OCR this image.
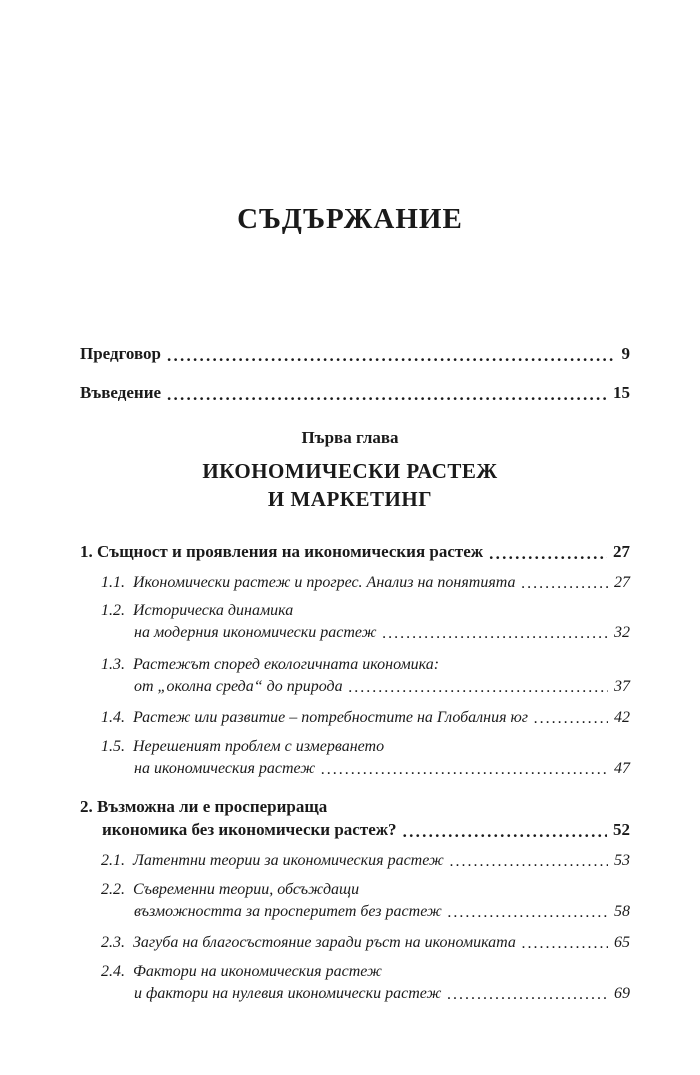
СЪДЪРЖАНИЕ
Предговор . . .	9
Въведение . . .	15
Първа глава
ИКОНОМИЧЕСКИ РАСТЕЖ
И МАРКЕТИНГ
1. Същност и проявления на икономическия растеж . . .	27
1.1. Икономически растеж и прогрес. Анализ на понятията . . .	27
1.2. Историческа динамика
на модерния икономически растеж . . .	32
1.3. Растежът според екологичната икономика:
от „околна среда“ до природа . . .	37
1.4. Растеж или развитие – потребностите на Глобалния юг . . .	42
1.5. Нерешеният проблем с измерването
на икономическия растеж . . .	47
2. Възможна ли е просперираща
икономика без икономически растеж? . . .	52
2.1. Латентни теории за икономическия растеж . . .	53
2.2. Съвременни теории, обсъждащи
възможността за просперитет без растеж . . .	58
2.3. Загуба на благосъстояние заради ръст на икономиката . . .	65
2.4. Фактори на икономическия растеж
и фактори на нулевия икономически растеж . . .	69
